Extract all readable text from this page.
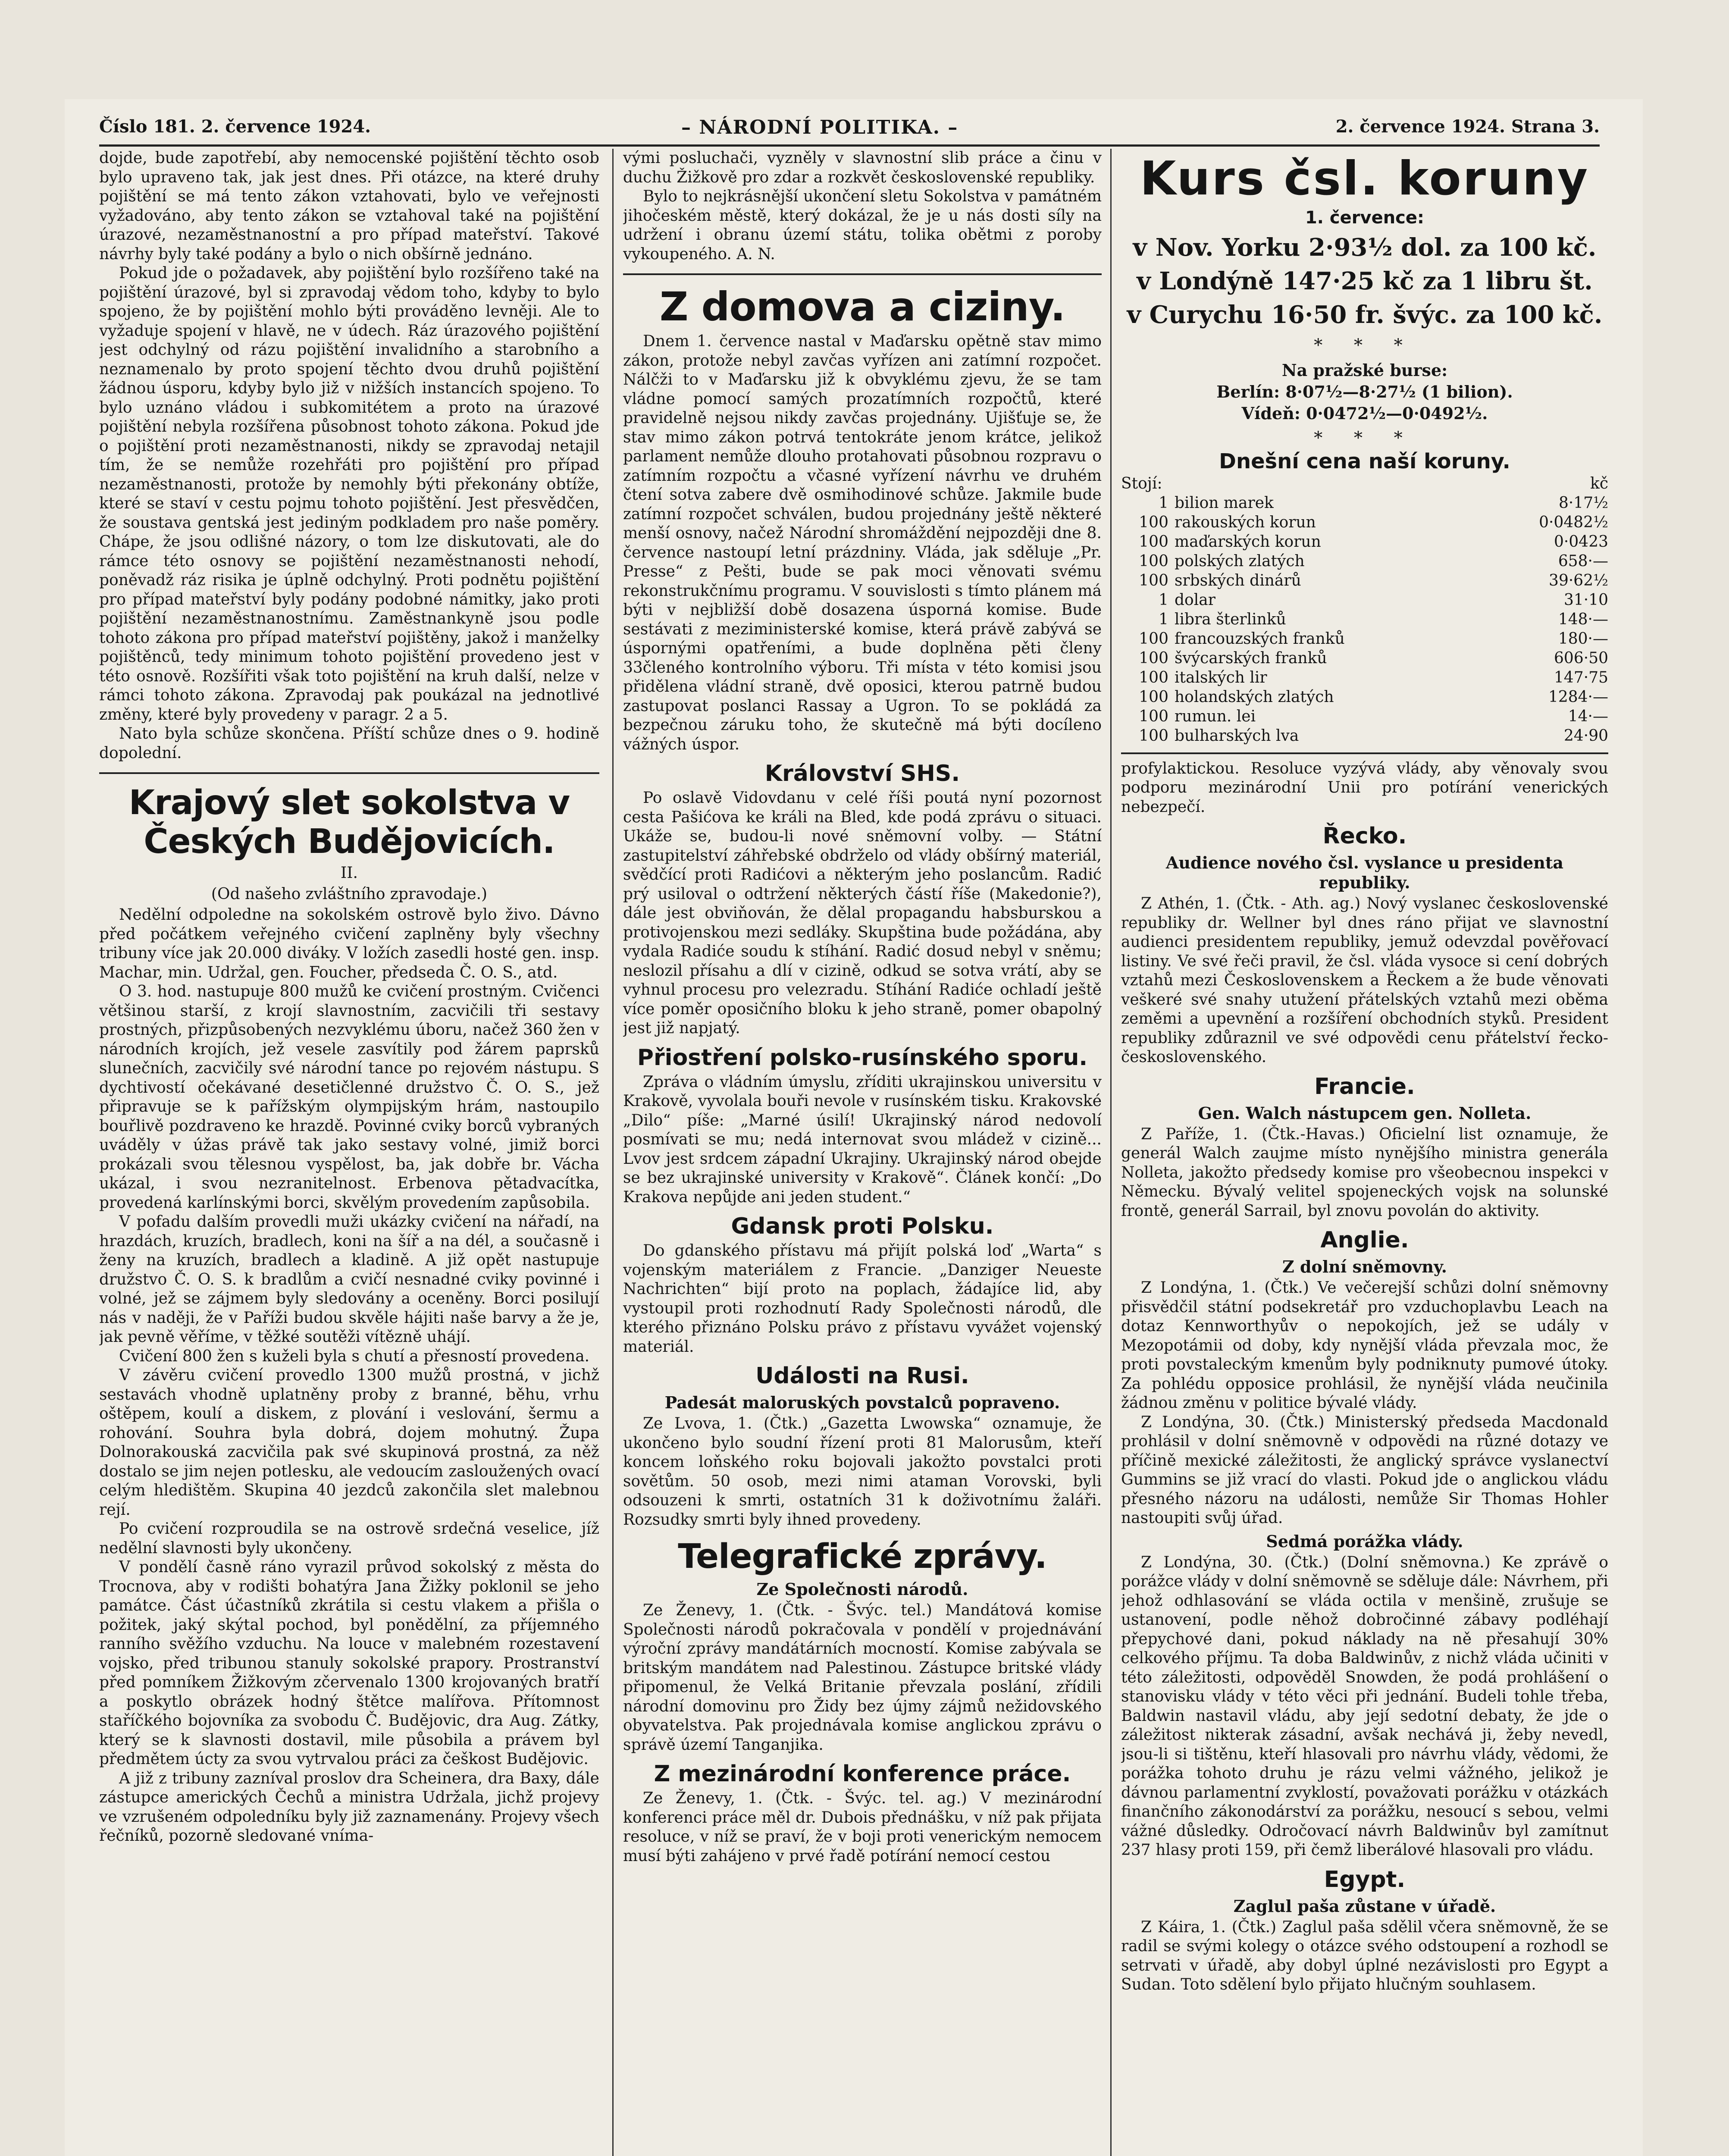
Číslo 181. 2. července 1924.	– NÁRODNÍ POLITIKA. –	2. července 1924. Strana 3.

dojde, bude zapotřebí, aby nemocenské pojištění těchto osob bylo upraveno tak, jak jest dnes. Při otázce, na které druhy pojištění se má tento zákon vztahovati, bylo ve veřejnosti vyžadováno, aby tento zákon se vztahoval také na pojištění úrazové, nezaměstnanostní a pro případ mateřství. Takové návrhy byly také podány a bylo o nich obšírně jednáno.

Pokud jde o požadavek, aby pojištění bylo rozšířeno také na pojištění úrazové, byl si zpravodaj vědom toho, kdyby to bylo spojeno, že by pojištění mohlo býti prováděno levněji. Ale to vyžaduje spojení v hlavě, ne v údech. Ráz úrazového pojištění jest odchylný od rázu pojištění invalidního a starobního a neznamenalo by proto spojení těchto dvou druhů pojištění žádnou úsporu, kdyby bylo již v nižších instancích spojeno. To bylo uznáno vládou i subkomitétem a proto na úrazové pojištění nebyla rozšířena působnost tohoto zákona. Pokud jde o pojištění proti nezaměstnanosti, nikdy se zpravodaj netajil tím, že se nemůže rozehřáti pro pojištění pro případ nezaměstnanosti, protože by nemohly býti překonány obtíže, které se staví v cestu pojmu tohoto pojištění. Jest přesvědčen, že soustava gentská jest jediným podkladem pro naše poměry. Chápe, že jsou odlišné názory, o tom lze diskutovati, ale do rámce této osnovy se pojištění nezaměstnanosti nehodí, poněvadž ráz risika je úplně odchylný. Proti podnětu pojištění pro případ mateřství byly podány podobné námitky, jako proti pojištění nezaměstnanostnímu. Zaměstnankyně jsou podle tohoto zákona pro případ mateřství pojištěny, jakož i manželky pojištěnců, tedy minimum tohoto pojištění provedeno jest v této osnově. Rozšířiti však toto pojištění na kruh další, nelze v rámci tohoto zákona. Zpravodaj pak poukázal na jednotlivé změny, které byly provedeny v paragr. 2 a 5.

Nato byla schůze skončena. Příští schůze dnes o 9. hodině dopolední.

Krajový slet sokolstva v Českých Budějovicích.
II.
(Od našeho zvláštního zpravodaje.)

Nedělní odpoledne na sokolském ostrově bylo živo. Dávno před počátkem veřejného cvičení zaplněny byly všechny tribuny více jak 20.000 diváky. V ložích zasedli hosté gen. insp. Machar, min. Udržal, gen. Foucher, předseda Č. O. S., atd.

O 3. hod. nastupuje 800 mužů ke cvičení prostným. Cvičenci většinou starší, z krojí slavnostním, zacvičili tři sestavy prostných, přizpůsobených nezvyklému úboru, načež 360 žen v národních krojích, jež vesele zasvítily pod žárem paprsků slunečních, zacvičily své národní tance po rejovém nástupu. S dychtivostí očekávané desetičlenné družstvo Č. O. S., jež připravuje se k pařížským olympijským hrám, nastoupilo bouřlivě pozdraveno ke hrazdě. Povinné cviky borců vybraných uváděly v úžas právě tak jako sestavy volné, jimiž borci prokázali svou tělesnou vyspělost, ba, jak dobře br. Vácha ukázal, i svou nezranitelnost. Erbenova pětadvacítka, provedená karlínskými borci, skvělým provedením zapůsobila.

V pofadu dalším provedli muži ukázky cvičení na nářadí, na hrazdách, kruzích, bradlech, koni na šíř a na dél, a současně i ženy na kruzích, bradlech a kladině. A již opět nastupuje družstvo Č. O. S. k bradlům a cvičí nesnadné cviky povinné i volné, jež se zájmem byly sledovány a oceněny. Borci posilují nás v naději, že v Paříži budou skvěle hájiti naše barvy a že je, jak pevně věříme, v těžké soutěži vítězně uhájí.

Cvičení 800 žen s kuželi byla s chutí a přesností provedena.

V závěru cvičení provedlo 1300 mužů prostná, v jichž sestavách vhodně uplatněny proby z branné, běhu, vrhu oštěpem, koulí a diskem, z plování i veslování, šermu a rohování. Souhra byla dobrá, dojem mohutný. Župa Dolnorakouská zacvičila pak své skupinová prostná, za něž dostalo se jim nejen potlesku, ale vedoucím zasloužených ovací celým hledištěm. Skupina 40 jezdců zakončila slet malebnou rejí.

Po cvičení rozproudila se na ostrově srdečná veselice, jíž nedělní slavnosti byly ukončeny.

V pondělí časně ráno vyrazil průvod sokolský z města do Trocnova, aby v rodišti bohatýra Jana Žižky poklonil se jeho památce. Část účastníků zkrátila si cestu vlakem a přišla o požitek, jaký skýtal pochod, byl ponědělní, za příjemného ranního svěžího vzduchu. Na louce v malebném rozestavení vojsko, před tribunou stanuly sokolské prapory. Prostranství před pomníkem Žižkovým zčervenalo 1300 krojovaných bratří a poskytlo obrázek hodný štětce malířova. Přítomnost staříčkého bojovníka za svobodu Č. Budějovic, dra Aug. Zátky, který se k slavnosti dostavil, mile působila a právem byl předmětem úcty za svou vytrvalou práci za češkost Budějovic.

A již z tribuny zazníval proslov dra Scheinera, dra Baxy, dále zástupce amerických Čechů a ministra Udržala, jichž projevy ve vzrušeném odpoledníku byly již zaznamenány. Projevy všech řečníků, pozorně sledované vníma-

vými posluchači, vyzněly v slavnostní slib práce a činu v duchu Žižkově pro zdar a rozkvět československé republiky.

Bylo to nejkrásnější ukončení sletu Sokolstva v památném jihočeském městě, který dokázal, že je u nás dosti síly na udržení i obranu území státu, tolika obětmi z poroby vykoupeného. A. N.

Z domova a ciziny.

Dnem 1. července nastal v Maďarsku opětně stav mimo zákon, protože nebyl zavčas vyřízen ani zatímní rozpočet. Nálčži to v Maďarsku již k obvyklému zjevu, že se tam vládne pomocí samých prozatímních rozpočtů, které pravidelně nejsou nikdy zavčas projednány. Ujišťuje se, že stav mimo zákon potrvá tentokráte jenom krátce, jelikož parlament nemůže dlouho protahovati působnou rozpravu o zatímním rozpočtu a včasné vyřízení návrhu ve druhém čtení sotva zabere dvě osmihodinové schůze. Jakmile bude zatímní rozpočet schválen, budou projednány ještě některé menší osnovy, načež Národní shromáždění nejpozději dne 8. července nastoupí letní prázdniny. Vláda, jak sděluje „Pr. Presse“ z Pešti, bude se pak moci věnovati svému rekonstrukčnímu programu. V souvislosti s tímto plánem má býti v nejbližší době dosazena úsporná komise. Bude sestávati z meziministerské komise, která právě zabývá se úspornými opatřeními, a bude doplněna pěti členy 33členého kontrolního výboru. Tři místa v této komisi jsou přidělena vládní straně, dvě oposici, kterou patrně budou zastupovat poslanci Rassay a Ugron. To se pokládá za bezpečnou záruku toho, že skutečně má býti docíleno vážných úspor.

Království SHS.

Po oslavě Vidovdanu v celé říši poutá nyní pozornost cesta Pašićova ke králi na Bled, kde podá zprávu o situaci. Ukáže se, budou-li nové sněmovní volby. — Státní zastupitelství záhřebské obdrželo od vlády obšírný materiál, svědčící proti Radićovi a některým jeho poslancům. Radić prý usiloval o odtržení některých částí říše (Makedonie?), dále jest obviňován, že dělal propagandu habsburskou a protivojenskou mezi sedláky. Skupština bude požádána, aby vydala Radiće soudu k stíhání. Radić dosud nebyl v sněmu; neslozil přísahu a dlí v cizině, odkud se sotva vrátí, aby se vyhnul procesu pro velezradu. Stíhání Radiće ochladí ještě více poměr oposičního bloku k jeho straně, pomer obapolný jest již napjatý.

Přiostření polsko-rusínského sporu.

Zpráva o vládním úmyslu, zříditi ukrajinskou universitu v Krakově, vyvolala bouři nevole v rusínském tisku. Krakovské „Dilo“ píše: „Marné úsilí! Ukrajinský národ nedovolí posmívati se mu; nedá internovat svou mládež v cizině... Lvov jest srdcem západní Ukrajiny. Ukrajinský národ obejde se bez ukrajinské university v Krakově“. Článek končí: „Do Krakova nepůjde ani jeden student.“

Gdansk proti Polsku.

Do gdanského přístavu má přijít polská loď „Warta“ s vojenským materiálem z Francie. „Danziger Neueste Nachrichten“ bijí proto na poplach, žádajíce lid, aby vystoupil proti rozhodnutí Rady Společnosti národů, dle kterého přiznáno Polsku právo z přístavu vyvážet vojenský materiál.

Události na Rusi.
Padesát maloruských povstalců popraveno.

Ze Lvova, 1. (Čtk.) „Gazetta Lwowska“ oznamuje, že ukončeno bylo soudní řízení proti 81 Malorusům, kteří koncem loňského roku bojovali jakožto povstalci proti sovětům. 50 osob, mezi nimi ataman Vorovski, byli odsouzeni k smrti, ostatních 31 k doživotnímu žaláři. Rozsudky smrti byly ihned provedeny.

Telegrafické zprávy.
Ze Společnosti národů.

Ze Ženevy, 1. (Čtk. - Švýc. tel.) Mandátová komise Společnosti národů pokračovala v pondělí v projednávání výroční zprávy mandátárních mocností. Komise zabývala se britským mandátem nad Palestinou. Zástupce britské vlády připomenul, že Velká Britanie převzala poslání, zřídili národní domovinu pro Židy bez újmy zájmů nežidovského obyvatelstva. Pak projednávala komise anglickou zprávu o správě území Tanganjika.

Z mezinárodní konference práce.

Ze Ženevy, 1. (Čtk. - Švýc. tel. ag.) V mezinárodní konferenci práce měl dr. Dubois přednášku, v níž pak přijata resoluce, v níž se praví, že v boji proti venerickým nemocem musí býti zahájeno v prvé řadě potírání nemocí cestou

Kurs čsl. koruny
1. července:
v Nov. Yorku 2·93½ dol. za 100 kč.
v Londýně 147·25 kč za 1 libru št.
v Curychu 16·50 fr. švýc. za 100 kč.
* * *
Na pražské burse:
Berlín: 8·07½—8·27½ (1 bilion).
Vídeň: 0·0472½—0·0492½.
* * *
Dnešní cena naší koruny.
Stojí:		kč
1	bilion marek	8·17½
100	rakouských korun	0·0482½
100	maďarských korun	0·0423
100	polských zlatých	658·—
100	srbských dinárů	39·62½
1	dolar	31·10
1	libra šterlinků	148·—
100	francouzských franků	180·—
100	švýcarských franků	606·50
100	italských lir	147·75
100	holandských zlatých	1284·—
100	rumun. lei	14·—
100	bulharských lva	24·90

profylaktickou. Resoluce vyzývá vlády, aby věnovaly svou podporu mezinárodní Unii pro potírání venerických nebezpečí.

Řecko.
Audience nového čsl. vyslance u presidenta republiky.

Z Athén, 1. (Čtk. - Ath. ag.) Nový vyslanec československé republiky dr. Wellner byl dnes ráno přijat ve slavnostní audienci presidentem republiky, jemuž odevzdal pověřovací listiny. Ve své řeči pravil, že čsl. vláda vysoce si cení dobrých vztahů mezi Československem a Řeckem a že bude věnovati veškeré své snahy utužení přátelských vztahů mezi oběma zeměmi a upevnění a rozšíření obchodních styků. President republiky zdůraznil ve své odpovědi cenu přátelství řecko-československého.

Francie.
Gen. Walch nástupcem gen. Nolleta.

Z Paříže, 1. (Čtk.-Havas.) Oficielní list oznamuje, že generál Walch zaujme místo nynějšího ministra generála Nolleta, jakožto předsedy komise pro všeobecnou inspekci v Německu. Bývalý velitel spojeneckých vojsk na solunské frontě, generál Sarrail, byl znovu povolán do aktivity.

Anglie.
Z dolní sněmovny.

Z Londýna, 1. (Čtk.) Ve večerejší schůzi dolní sněmovny přisvědčil státní podsekretář pro vzduchoplavbu Leach na dotaz Kennworthyův o nepokojích, jež se udály v Mezopotámii od doby, kdy nynější vláda převzala moc, že proti povstaleckým kmenům byly podniknuty pumové útoky. Za pohlédu opposice prohlásil, že nynější vláda neučinila žádnou změnu v politice bývalé vlády.

Z Londýna, 30. (Čtk.) Ministerský předseda Macdonald prohlásil v dolní sněmovně v odpovědi na různé dotazy ve příčině mexické záležitosti, že anglický správce vyslanectví Gummins se již vrací do vlasti. Pokud jde o anglickou vládu přesného názoru na události, nemůže Sir Thomas Hohler nastoupiti svůj úřad.

Sedmá porážka vlády.

Z Londýna, 30. (Čtk.) (Dolní sněmovna.) Ke zprávě o porážce vlády v dolní sněmovně se sděluje dále: Návrhem, při jehož odhlasování se vláda octila v menšině, zrušuje se ustanovení, podle něhož dobročinné zábavy podléhají přepychové dani, pokud náklady na ně přesahují 30% celkového příjmu. Ta doba Baldwinův, z nichž vláda učiniti v této záležitosti, odpověděl Snowden, že podá prohlášení o stanovisku vlády v této věci při jednání. Budeli tohle třeba, Baldwin nastavil vládu, aby její sedotní debaty, že jde o záležitost nikterak zásadní, avšak nechává ji, žeby nevedl, jsou-li si tištěnu, kteří hlasovali pro návrhu vlády, vědomi, že porážka tohoto druhu je rázu velmi vážného, jelikož je dávnou parlamentní zvyklostí, považovati porážku v otázkách finančního zákonodárství za porážku, nesoucí s sebou, velmi vážné důsledky. Odročovací návrh Baldwinův byl zamítnut 237 hlasy proti 159, při čemž liberálové hlasovali pro vládu.

Egypt.
Zaglul paša zůstane v úřadě.

Z Káira, 1. (Čtk.) Zaglul paša sdělil včera sněmovně, že se radil se svými kolegy o otázce svého odstoupení a rozhodl se setrvati v úřadě, aby dobyl úplné nezávislosti pro Egypt a Sudan. Toto sdělení bylo přijato hlučným souhlasem.
